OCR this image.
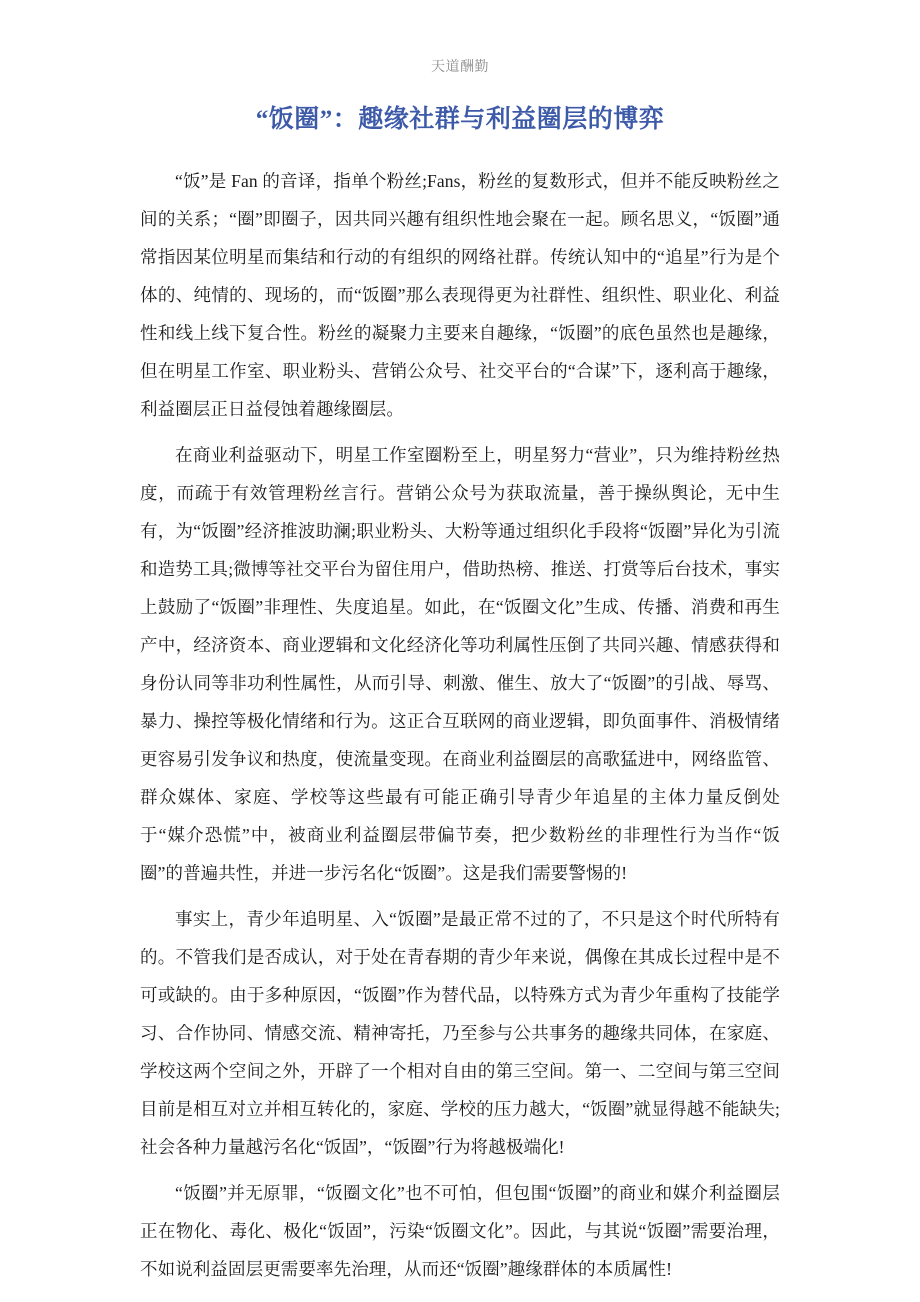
天道酬勤
“饭圈”：趣缘社群与利益圈层的博弈

“饭”是 Fan 的音译，指单个粉丝;Fans，粉丝的复数形式，但并不能反映粉丝之间的关系；“圈”即圈子，因共同兴趣有组织性地会聚在一起。顾名思义，“饭圈”通常指因某位明星而集结和行动的有组织的网络社群。传统认知中的“追星”行为是个体的、纯情的、现场的，而“饭圈”那么表现得更为社群性、组织性、职业化、利益性和线上线下复合性。粉丝的凝聚力主要来自趣缘，“饭圈”的底色虽然也是趣缘，但在明星工作室、职业粉头、营销公众号、社交平台的“合谋”下，逐利高于趣缘，利益圈层正日益侵蚀着趣缘圈层。

在商业利益驱动下，明星工作室圈粉至上，明星努力“营业”，只为维持粉丝热度，而疏于有效管理粉丝言行。营销公众号为获取流量，善于操纵舆论，无中生有，为“饭圈”经济推波助澜;职业粉头、大粉等通过组织化手段将“饭圈”异化为引流和造势工具;微博等社交平台为留住用户，借助热榜、推送、打赏等后台技术，事实上鼓励了“饭圈”非理性、失度追星。如此，在“饭圈文化”生成、传播、消费和再生产中，经济资本、商业逻辑和文化经济化等功利属性压倒了共同兴趣、情感获得和身份认同等非功利性属性，从而引导、刺激、催生、放大了“饭圈”的引战、辱骂、暴力、操控等极化情绪和行为。这正合互联网的商业逻辑，即负面事件、消极情绪更容易引发争议和热度，使流量变现。在商业利益圈层的高歌猛进中，网络监管、群众媒体、家庭、学校等这些最有可能正确引导青少年追星的主体力量反倒处于“媒介恐慌”中，被商业利益圈层带偏节奏，把少数粉丝的非理性行为当作“饭圈”的普遍共性，并进一步污名化“饭圈”。这是我们需要警惕的!

事实上，青少年追明星、入“饭圈”是最正常不过的了，不只是这个时代所特有的。不管我们是否成认，对于处在青春期的青少年来说，偶像在其成长过程中是不可或缺的。由于多种原因，“饭圈”作为替代品，以特殊方式为青少年重构了技能学习、合作协同、情感交流、精神寄托，乃至参与公共事务的趣缘共同体，在家庭、学校这两个空间之外，开辟了一个相对自由的第三空间。第一、二空间与第三空间目前是相互对立并相互转化的，家庭、学校的压力越大，“饭圈”就显得越不能缺失;社会各种力量越污名化“饭固”，“饭圈”行为将越极端化!

“饭圈”并无原罪，“饭圈文化”也不可怕，但包围“饭圈”的商业和媒介利益圈层正在物化、毒化、极化“饭固”，污染“饭圈文化”。因此，与其说“饭圈”需要治理，不如说利益固层更需要率先治理，从而还“饭圈”趣缘群体的本质属性!
